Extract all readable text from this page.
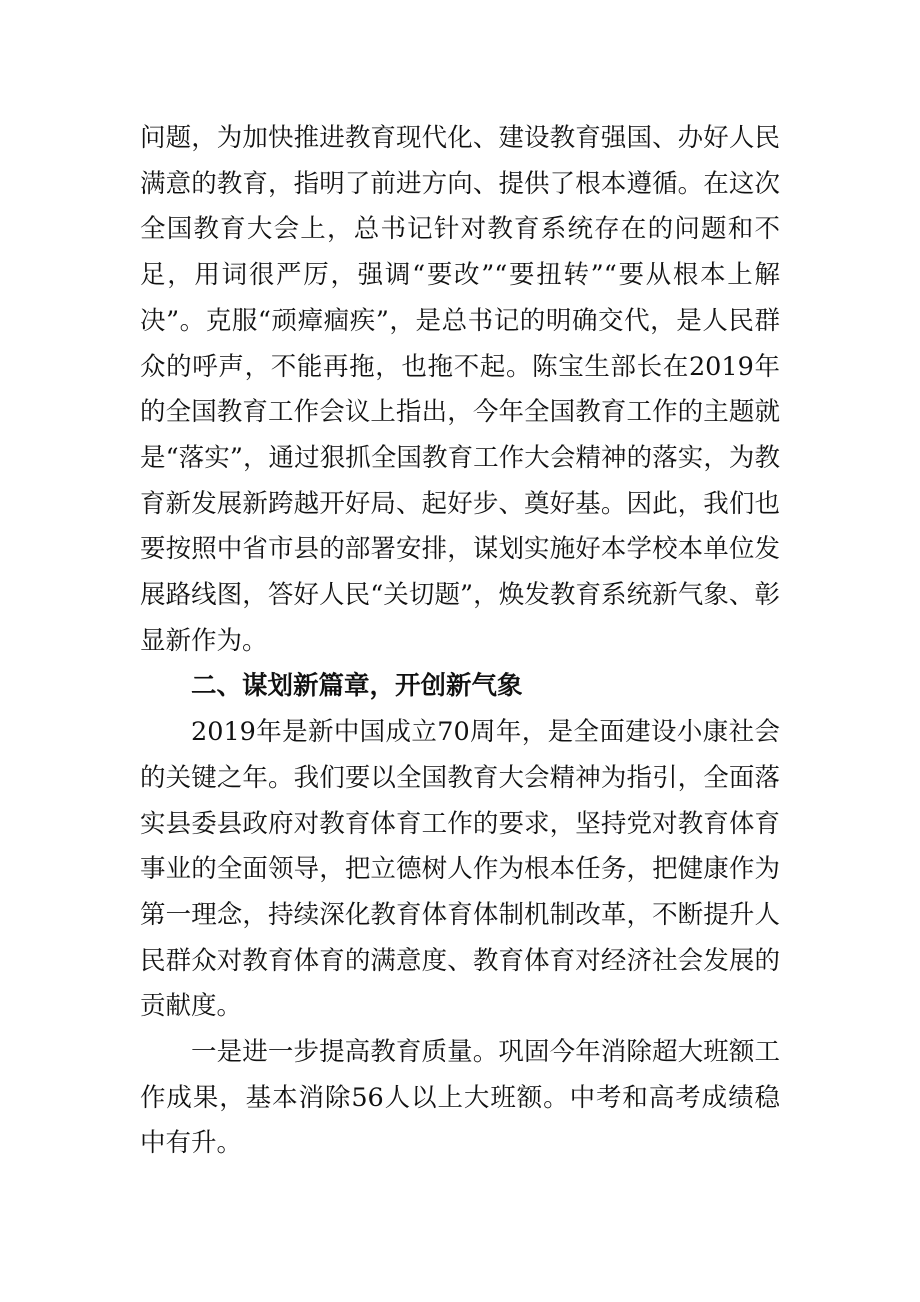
问题，为加快推进教育现代化、建设教育强国、办好人民满意的教育，指明了前进方向、提供了根本遵循。在这次全国教育大会上，总书记针对教育系统存在的问题和不足，用词很严厉，强调“要改”“要扭转”“要从根本上解决”。克服“顽瘴痼疾”，是总书记的明确交代，是人民群众的呼声，不能再拖，也拖不起。陈宝生部长在2019年的全国教育工作会议上指出，今年全国教育工作的主题就是“落实”，通过狠抓全国教育工作大会精神的落实，为教育新发展新跨越开好局、起好步、奠好基。因此，我们也要按照中省市县的部署安排，谋划实施好本学校本单位发展路线图，答好人民“关切题”，焕发教育系统新气象、彰显新作为。

二、谋划新篇章，开创新气象

2019年是新中国成立70周年，是全面建设小康社会的关键之年。我们要以全国教育大会精神为指引，全面落实县委县政府对教育体育工作的要求，坚持党对教育体育事业的全面领导，把立德树人作为根本任务，把健康作为第一理念，持续深化教育体育体制机制改革，不断提升人民群众对教育体育的满意度、教育体育对经济社会发展的贡献度。

一是进一步提高教育质量。巩固今年消除超大班额工作成果，基本消除56人以上大班额。中考和高考成绩稳中有升。
